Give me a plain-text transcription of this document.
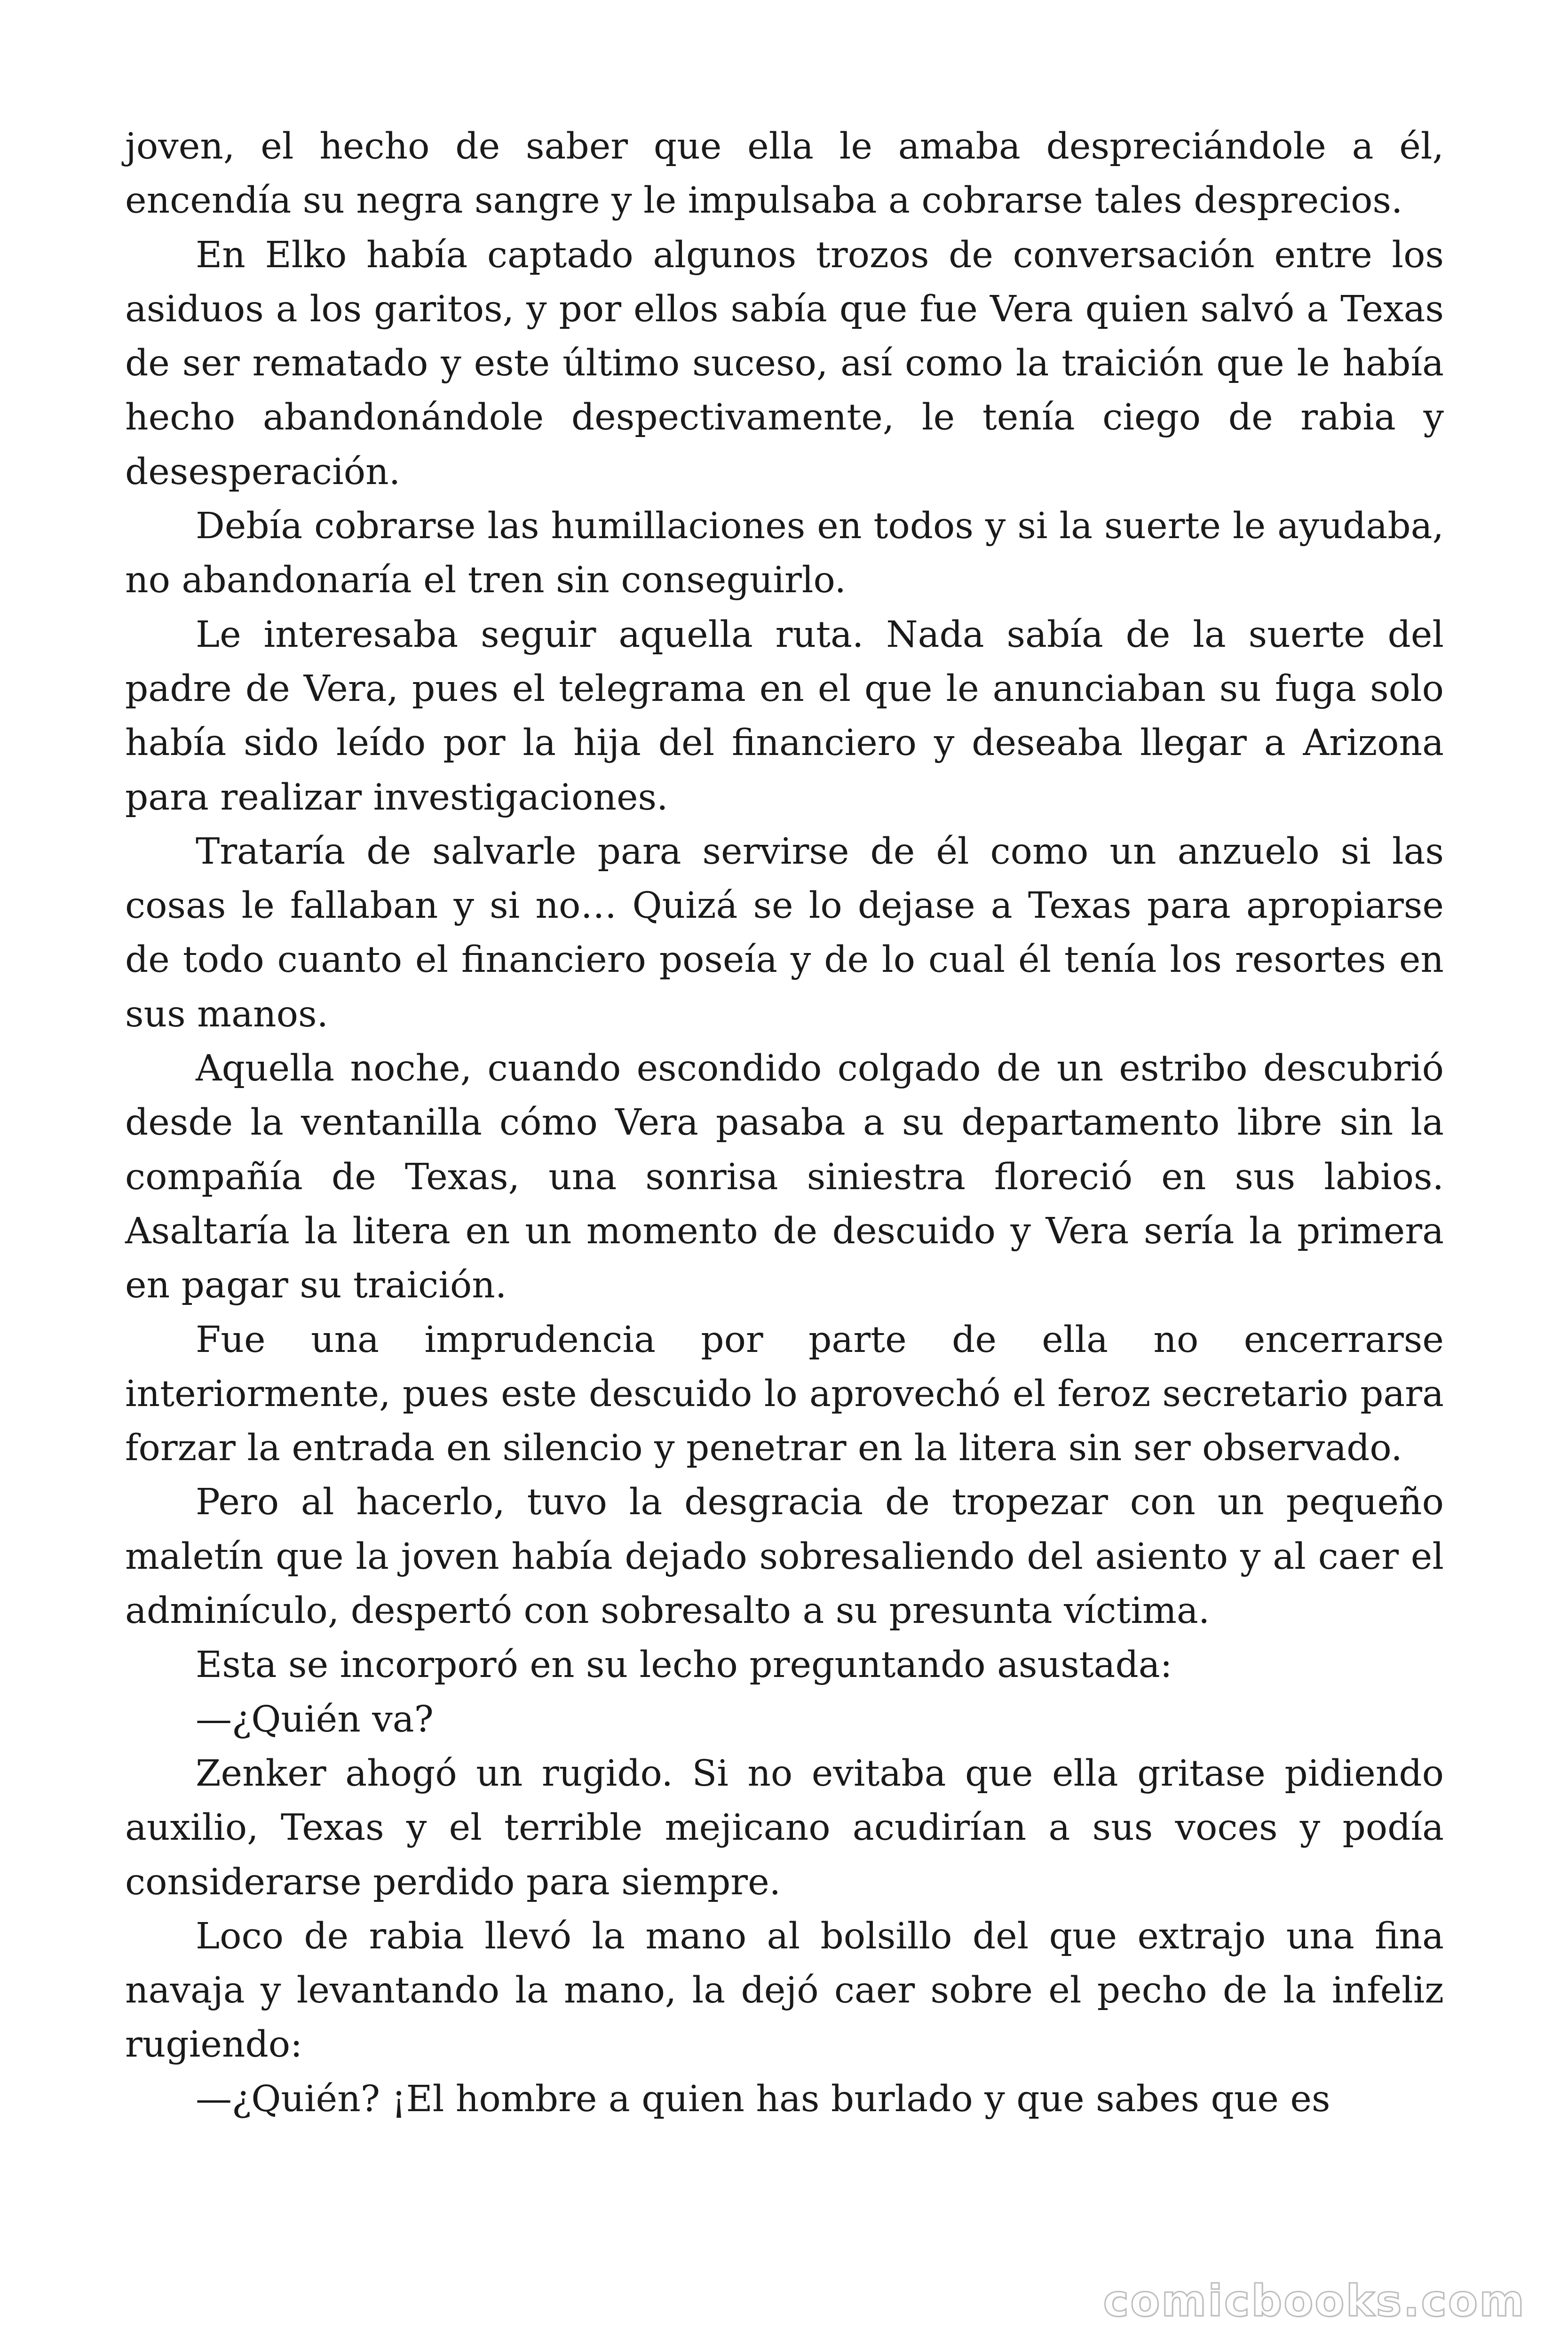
joven, el hecho de saber que ella le amaba despreciándole a él, encendía su negra sangre y le impulsaba a cobrarse tales desprecios.

En Elko había captado algunos trozos de conversación entre los asiduos a los garitos, y por ellos sabía que fue Vera quien salvó a Texas de ser rematado y este último suceso, así como la traición que le había hecho abandonándole despectivamente, le tenía ciego de rabia y desesperación.

Debía cobrarse las humillaciones en todos y si la suerte le ayudaba, no abandonaría el tren sin conseguirlo.

Le interesaba seguir aquella ruta. Nada sabía de la suerte del padre de Vera, pues el telegrama en el que le anunciaban su fuga solo había sido leído por la hija del financiero y deseaba llegar a Arizona para realizar investigaciones.

Trataría de salvarle para servirse de él como un anzuelo si las cosas le fallaban y si no… Quizá se lo dejase a Texas para apropiarse de todo cuanto el financiero poseía y de lo cual él tenía los resortes en sus manos.

Aquella noche, cuando escondido colgado de un estribo descubrió desde la ventanilla cómo Vera pasaba a su departamento libre sin la compañía de Texas, una sonrisa siniestra floreció en sus labios. Asaltaría la litera en un momento de descuido y Vera sería la primera en pagar su traición.

Fue una imprudencia por parte de ella no encerrarse interiormente, pues este descuido lo aprovechó el feroz secretario para forzar la entrada en silencio y penetrar en la litera sin ser observado.

Pero al hacerlo, tuvo la desgracia de tropezar con un pequeño maletín que la joven había dejado sobresaliendo del asiento y al caer el adminículo, despertó con sobresalto a su presunta víctima.

Esta se incorporó en su lecho preguntando asustada:

—¿Quién va?

Zenker ahogó un rugido. Si no evitaba que ella gritase pidiendo auxilio, Texas y el terrible mejicano acudirían a sus voces y podía considerarse perdido para siempre.

Loco de rabia llevó la mano al bolsillo del que extrajo una fina navaja y levantando la mano, la dejó caer sobre el pecho de la infeliz rugiendo:

—¿Quién? ¡El hombre a quien has burlado y que sabes que es

comicbooks.com
